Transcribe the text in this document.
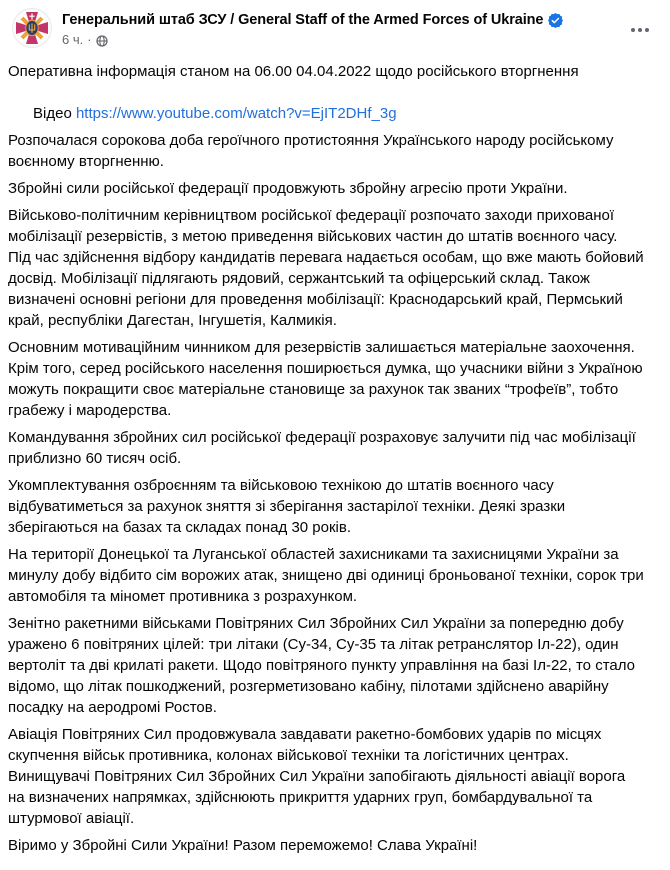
Генеральний штаб ЗСУ / General Staff of the Armed Forces of Ukraine
6 ч. ·

Оперативна інформація станом на 06.00 04.04.2022 щодо російського вторгнення

Відео https://www.youtube.com/watch?v=EjIT2DHf_3g

Розпочалася сорокова доба героїчного протистояння Українського народу російському воєнному вторгненню.

Збройні сили російської федерації продовжують збройну агресію проти України.

Військово-політичним керівництвом російської федерації розпочато заходи прихованої мобілізації резервістів, з метою приведення військових частин до штатів воєнного часу. Під час здійснення відбору кандидатів перевага надається особам, що вже мають бойовий досвід. Мобілізації підлягають рядовий, сержантський та офіцерський склад. Також визначені основні регіони для проведення мобілізації: Краснодарський край, Пермський край, республіки Дагестан, Інгушетія, Калмикія.

Основним мотиваційним чинником для резервістів залишається матеріальне заохочення. Крім того, серед російського населення поширюється думка, що учасники війни з Україною можуть покращити своє матеріальне становище за рахунок так званих “трофеїв”, тобто грабежу і мародерства.

Командування збройних сил російської федерації розраховує залучити під час мобілізації приблизно 60 тисяч осіб.

Укомплектування озброєнням та військовою технікою до штатів воєнного часу відбуватиметься за рахунок зняття зі зберігання застарілої техніки. Деякі зразки зберігаються на базах та складах понад 30 років.

На території Донецької та Луганської областей захисниками та захисницями України за минулу добу відбито сім ворожих атак, знищено дві одиниці броньованої техніки, сорок три автомобіля та міномет противника з розрахунком.

Зенітно ракетними військами Повітряних Сил Збройних Сил України за попередню добу уражено 6 повітряних цілей: три літаки (Су-34, Су-35 та літак ретранслятор Іл-22), один вертоліт та дві крилаті ракети. Щодо повітряного пункту управління на базі Іл-22, то стало відомо, що літак пошкоджений, розгерметизовано кабіну, пілотами здійснено аварійну посадку на аеродромі Ростов.

Авіація Повітряних Сил продовжувала завдавати ракетно-бомбових ударів по місцях скупчення військ противника, колонах військової техніки та логістичних центрах. Винищувачі Повітряних Сил Збройних Сил України запобігають діяльності авіації ворога на визначених напрямках, здійснюють прикриття ударних груп, бомбардувальної та штурмової авіації.

Віримо у Збройні Сили України! Разом переможемо! Слава Україні!
